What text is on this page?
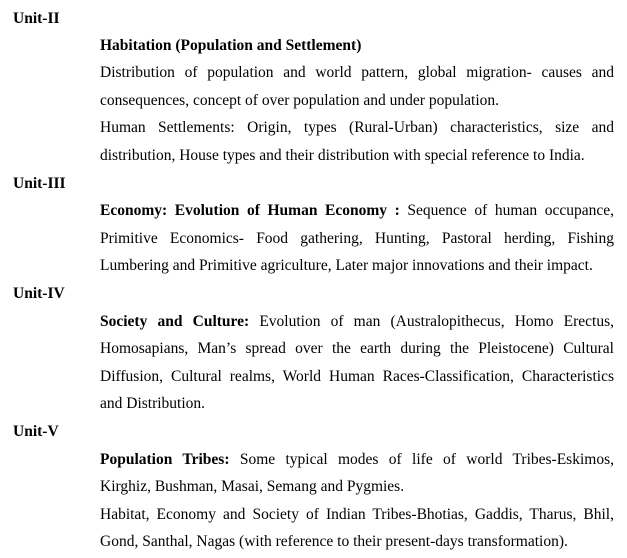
Unit-II
Habitation (Population and Settlement)
Distribution of population and world pattern, global migration- causes and
consequences, concept of over population and under population.
Human Settlements: Origin, types (Rural-Urban) characteristics, size and
distribution, House types and their distribution with special reference to India.
Unit-III
Economy: Evolution of Human Economy : Sequence of human occupance,
Primitive Economics- Food gathering, Hunting, Pastoral herding, Fishing
Lumbering and Primitive agriculture, Later major innovations and their impact.
Unit-IV
Society and Culture: Evolution of man (Australopithecus, Homo Erectus,
Homosapians, Man’s spread over the earth during the Pleistocene) Cultural
Diffusion, Cultural realms, World Human Races-Classification, Characteristics
and Distribution.
Unit-V
Population Tribes: Some typical modes of life of world Tribes-Eskimos,
Kirghiz, Bushman, Masai, Semang and Pygmies.
Habitat, Economy and Society of Indian Tribes-Bhotias, Gaddis, Tharus, Bhil,
Gond, Santhal, Nagas (with reference to their present-days transformation).
